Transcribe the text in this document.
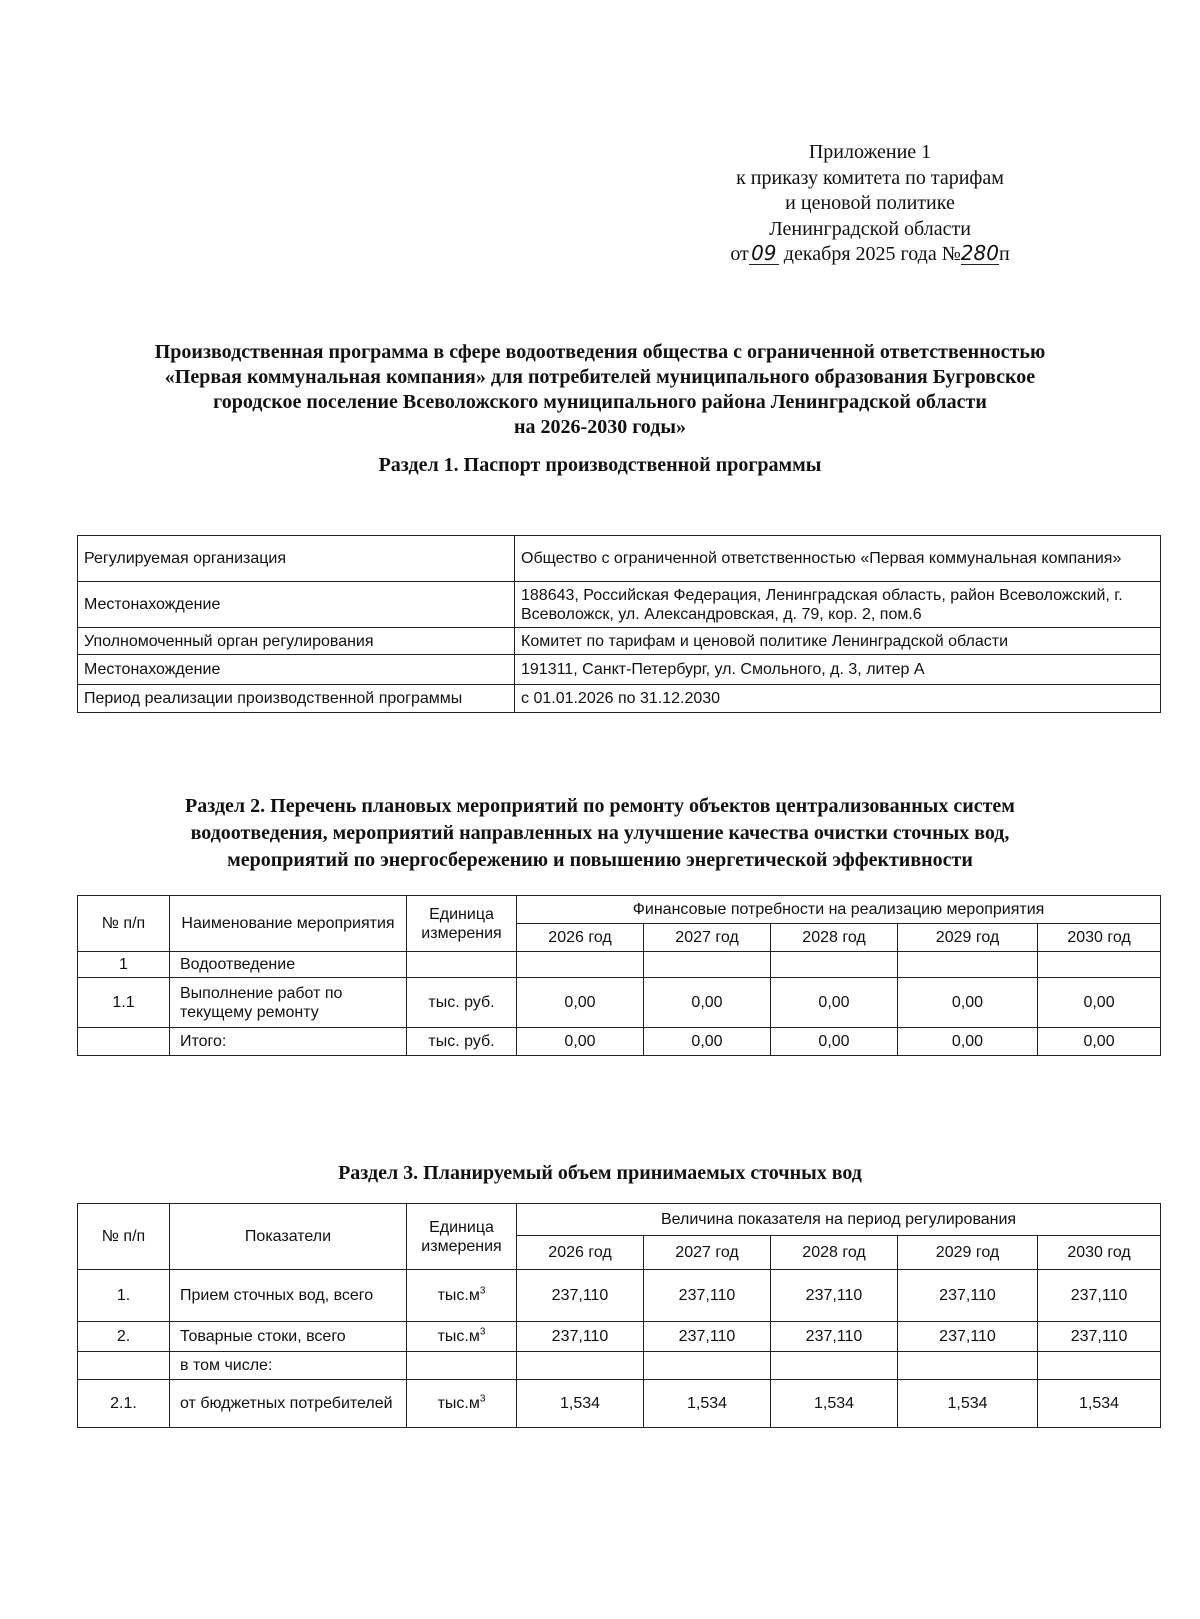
Приложение 1
к приказу комитета по тарифам
и ценовой политике
Ленинградской области
от 09 декабря 2025 года №280п
Производственная программа в сфере водоотведения общества с ограниченной ответственностью
«Первая коммунальная компания» для потребителей муниципального образования Бугровское
городское поселение Всеволожского муниципального района Ленинградской области
на 2026-2030 годы»
Раздел 1. Паспорт производственной программы
Регулируемая организация	Общество с ограниченной ответственностью «Первая коммунальная компания»
Местонахождение	188643, Российская Федерация, Ленинградская область, район Всеволожский, г. Всеволожск, ул. Александровская, д. 79, кор. 2, пом.6
Уполномоченный орган регулирования	Комитет по тарифам и ценовой политике Ленинградской области
Местонахождение	191311, Санкт-Петербург, ул. Смольного, д. 3, литер А
Период реализации производственной программы	с 01.01.2026 по 31.12.2030
Раздел 2. Перечень плановых мероприятий по ремонту объектов централизованных систем
водоотведения, мероприятий направленных на улучшение качества очистки сточных вод,
мероприятий по энергосбережению и повышению энергетической эффективности
№ п/п	Наименование мероприятия	Единица измерения	Финансовые потребности на реализацию мероприятия				
			2026 год	2027 год	2028 год	2029 год	2030 год
1	Водоотведение						
1.1	Выполнение работ по текущему ремонту	тыс. руб.	0,00	0,00	0,00	0,00	0,00
	Итого:	тыс. руб.	0,00	0,00	0,00	0,00	0,00
Раздел 3. Планируемый объем принимаемых сточных вод
№ п/п	Показатели	Единица измерения	Величина показателя на период регулирования				
			2026 год	2027 год	2028 год	2029 год	2030 год
1.	Прием сточных вод, всего	$тыс.м^3$	237,110	237,110	237,110	237,110	237,110
2.	Товарные стоки, всего	$тыс.м^3$	237,110	237,110	237,110	237,110	237,110
	в том числе:						
2.1.	от бюджетных потребителей	$тыс.м^3$	1,534	1,534	1,534	1,534	1,534
